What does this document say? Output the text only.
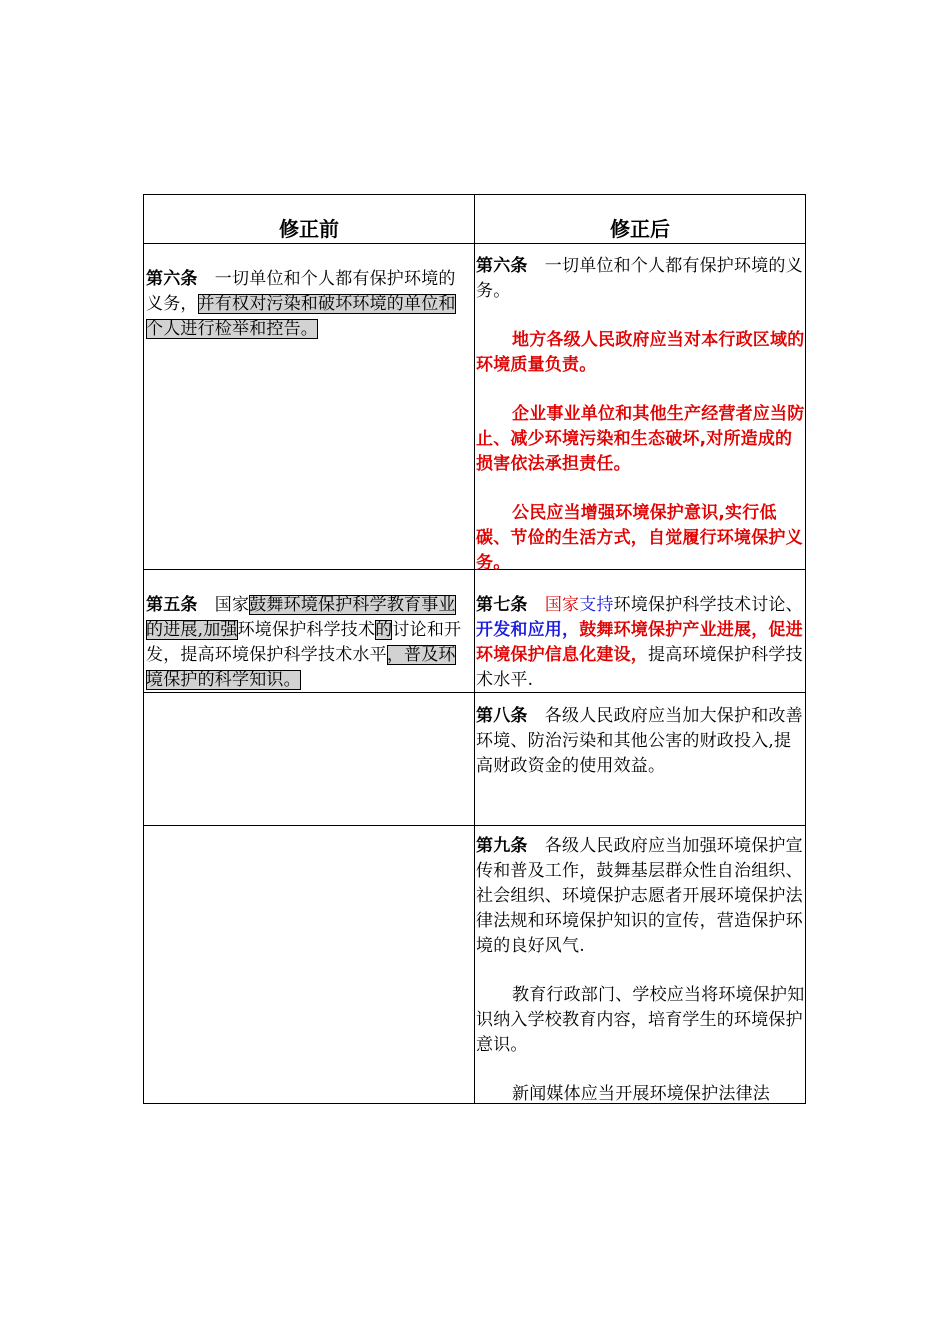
修正前	修正后

第六条　一切单位和个人都有保护环境的义务，并有权对污染和破坏环境的单位和个人进行检举和控告。

第六条　一切单位和个人都有保护环境的义务。

地方各级人民政府应当对本行政区域的环境质量负责。

企业事业单位和其他生产经营者应当防止、减少环境污染和生态破坏,对所造成的损害依法承担责任。

公民应当增强环境保护意识,实行低碳、节俭的生活方式，自觉履行环境保护义务。

第五条　国家鼓舞环境保护科学教育事业的进展,加强环境保护科学技术的讨论和开发，提高环境保护科学技术水平，普及环境保护的科学知识。

第七条　 国家支持环境保护科学技术讨论、开发和应用，鼓舞环境保护产业进展，促进环境保护信息化建设，提高环境保护科学技术水平.

第八条　各级人民政府应当加大保护和改善环境、防治污染和其他公害的财政投入,提高财政资金的使用效益。

第九条　各级人民政府应当加强环境保护宣传和普及工作，鼓舞基层群众性自治组织、社会组织、环境保护志愿者开展环境保护法律法规和环境保护知识的宣传，营造保护环境的良好风气.

教育行政部门、学校应当将环境保护知识纳入学校教育内容，培育学生的环境保护意识。

新闻媒体应当开展环境保护法律法
